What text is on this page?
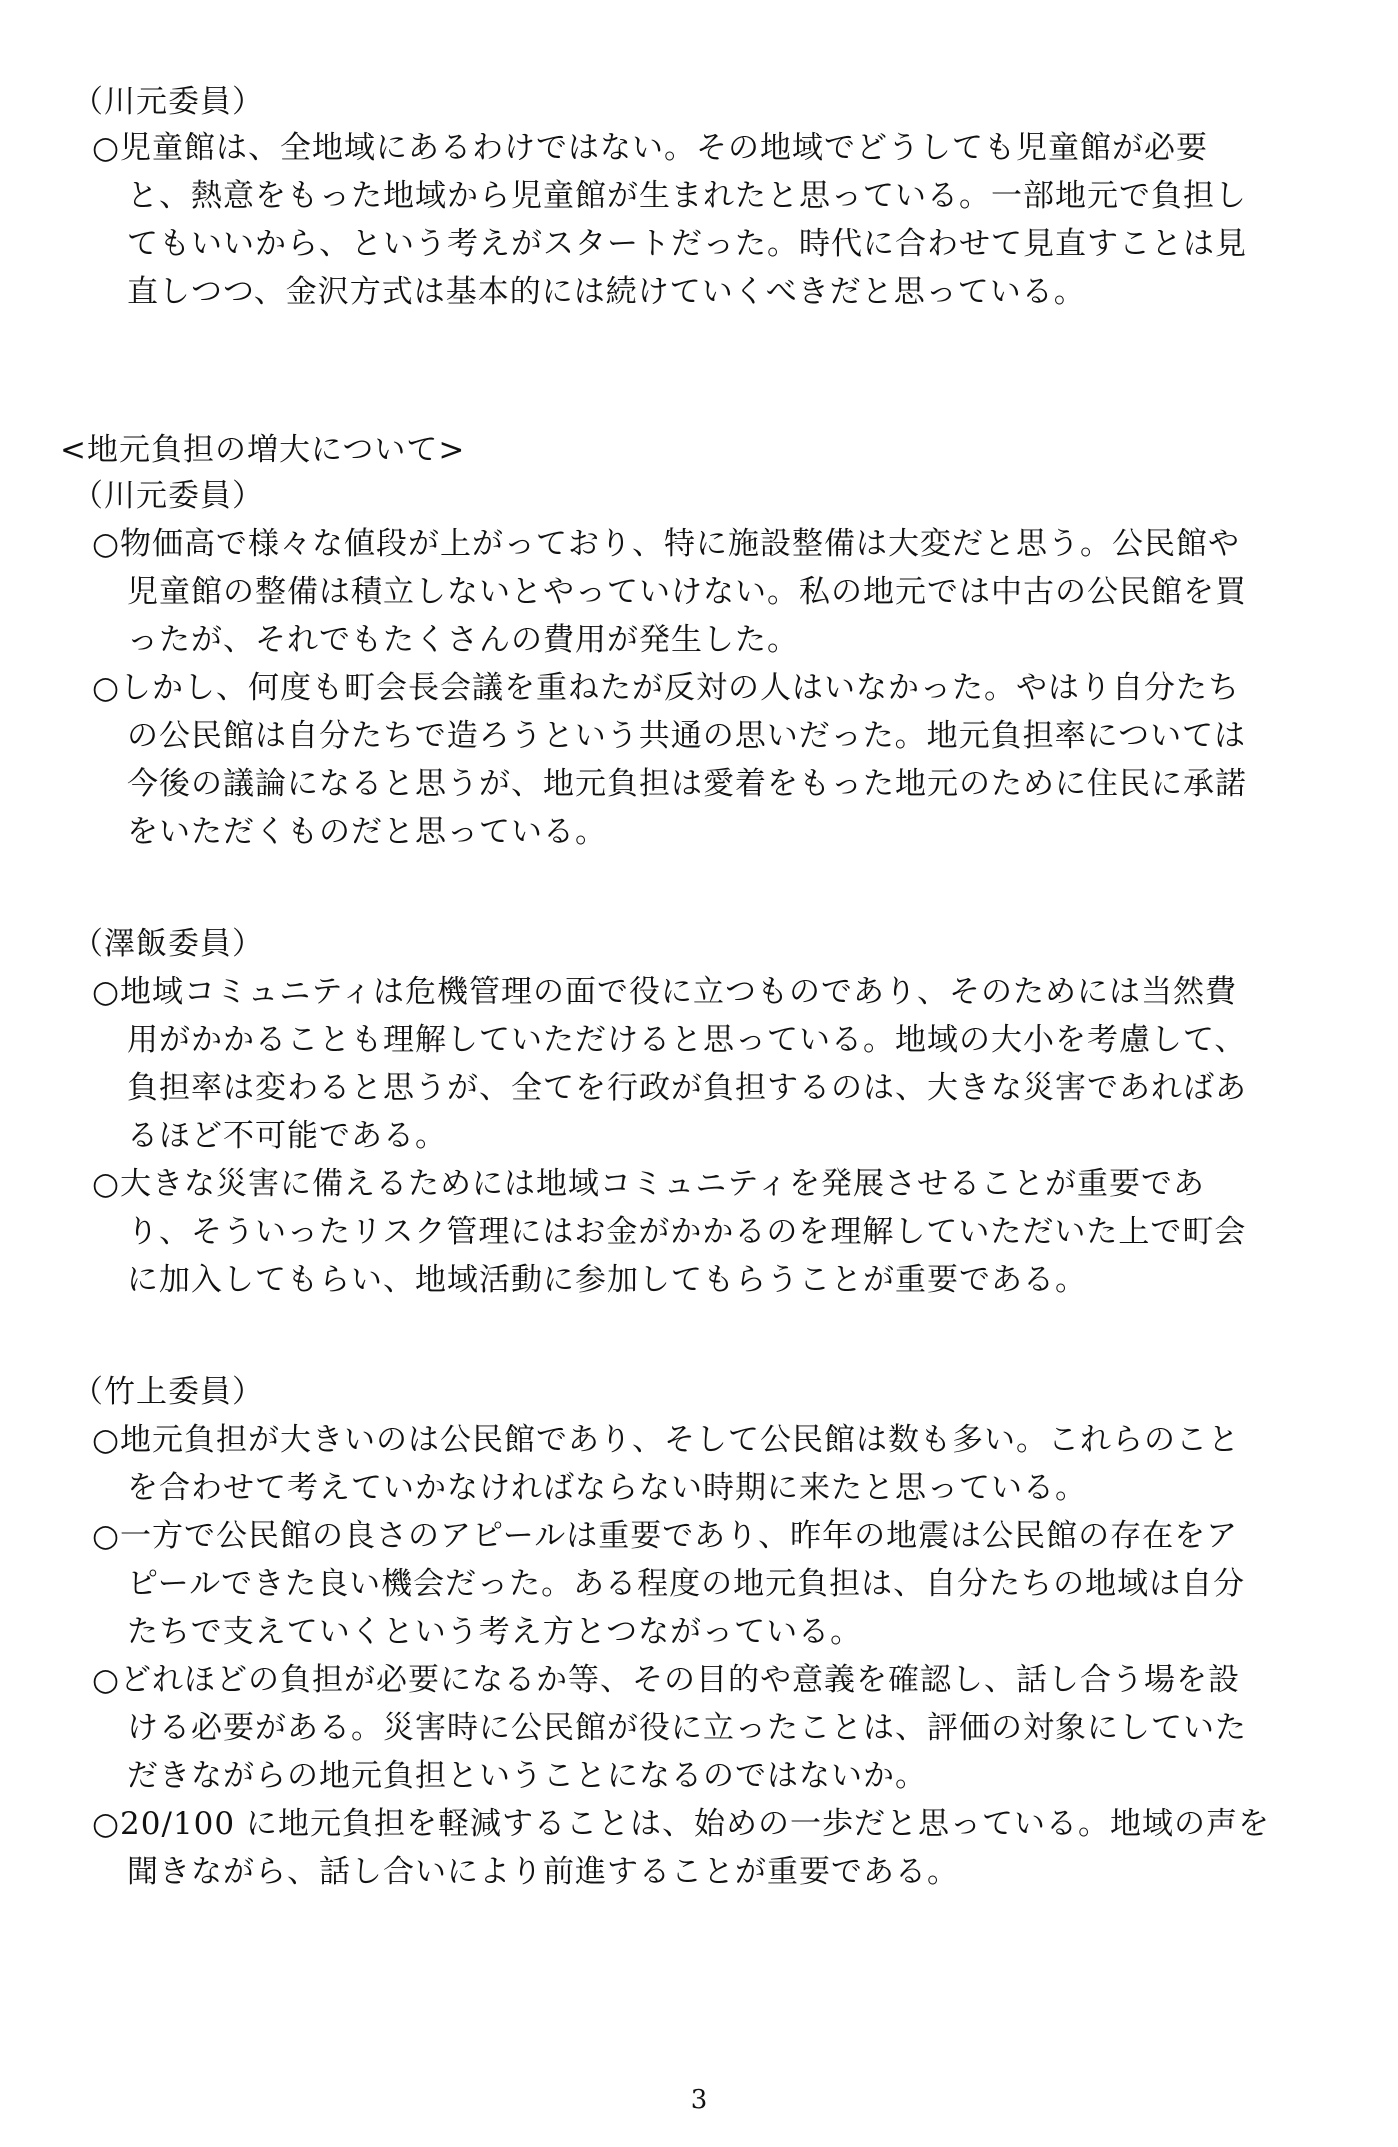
（川元委員）
○児童館は、全地域にあるわけではない。その地域でどうしても児童館が必要
と、熱意をもった地域から児童館が生まれたと思っている。一部地元で負担し
てもいいから、という考えがスタートだった。時代に合わせて見直すことは見
直しつつ、金沢方式は基本的には続けていくべきだと思っている。
<地元負担の増大について>
（川元委員）
○物価高で様々な値段が上がっており、特に施設整備は大変だと思う。公民館や
児童館の整備は積立しないとやっていけない。私の地元では中古の公民館を買
ったが、それでもたくさんの費用が発生した。
○しかし、何度も町会長会議を重ねたが反対の人はいなかった。やはり自分たち
の公民館は自分たちで造ろうという共通の思いだった。地元負担率については
今後の議論になると思うが、地元負担は愛着をもった地元のために住民に承諾
をいただくものだと思っている。
（澤飯委員）
○地域コミュニティは危機管理の面で役に立つものであり、そのためには当然費
用がかかることも理解していただけると思っている。地域の大小を考慮して、
負担率は変わると思うが、全てを行政が負担するのは、大きな災害であればあ
るほど不可能である。
○大きな災害に備えるためには地域コミュニティを発展させることが重要であ
り、そういったリスク管理にはお金がかかるのを理解していただいた上で町会
に加入してもらい、地域活動に参加してもらうことが重要である。
（竹上委員）
○地元負担が大きいのは公民館であり、そして公民館は数も多い。これらのこと
を合わせて考えていかなければならない時期に来たと思っている。
○一方で公民館の良さのアピールは重要であり、昨年の地震は公民館の存在をア
ピールできた良い機会だった。ある程度の地元負担は、自分たちの地域は自分
たちで支えていくという考え方とつながっている。
○どれほどの負担が必要になるか等、その目的や意義を確認し、話し合う場を設
ける必要がある。災害時に公民館が役に立ったことは、評価の対象にしていた
だきながらの地元負担ということになるのではないか。
○20/100 に地元負担を軽減することは、始めの一歩だと思っている。地域の声を
聞きながら、話し合いにより前進することが重要である。
3
